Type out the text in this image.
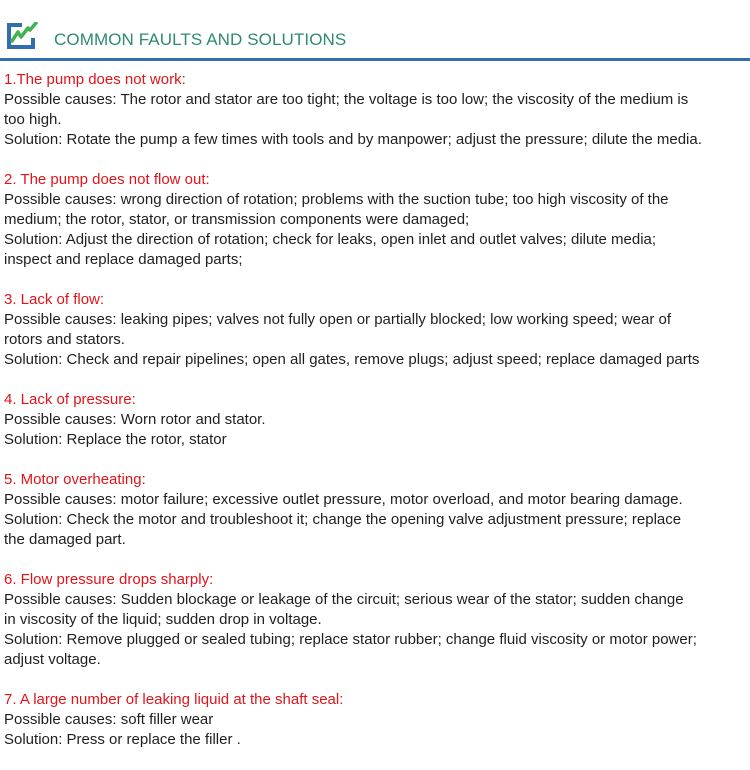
COMMON FAULTS AND SOLUTIONS
1.The pump does not work:
Possible causes: The rotor and stator are too tight; the voltage is too low; the viscosity of the medium is
too high.
Solution: Rotate the pump a few times with tools and by manpower; adjust the pressure; dilute the media.
2. The pump does not flow out:
Possible causes: wrong direction of rotation; problems with the suction tube; too high viscosity of the
medium; the rotor, stator, or transmission components were damaged;
Solution: Adjust the direction of rotation; check for leaks, open inlet and outlet valves; dilute media;
inspect and replace damaged parts;
3. Lack of flow:
Possible causes: leaking pipes; valves not fully open or partially blocked; low working speed; wear of
rotors and stators.
Solution: Check and repair pipelines; open all gates, remove plugs; adjust speed; replace damaged parts
4. Lack of pressure:
Possible causes: Worn rotor and stator.
Solution: Replace the rotor, stator
5. Motor overheating:
Possible causes: motor failure; excessive outlet pressure, motor overload, and motor bearing damage.
Solution: Check the motor and troubleshoot it; change the opening valve adjustment pressure; replace
the damaged part.
6. Flow pressure drops sharply:
Possible causes: Sudden blockage or leakage of the circuit; serious wear of the stator; sudden change
in viscosity of the liquid; sudden drop in voltage.
Solution: Remove plugged or sealed tubing; replace stator rubber; change fluid viscosity or motor power;
adjust voltage.
7. A large number of leaking liquid at the shaft seal:
Possible causes: soft filler wear
Solution: Press or replace the filler .
